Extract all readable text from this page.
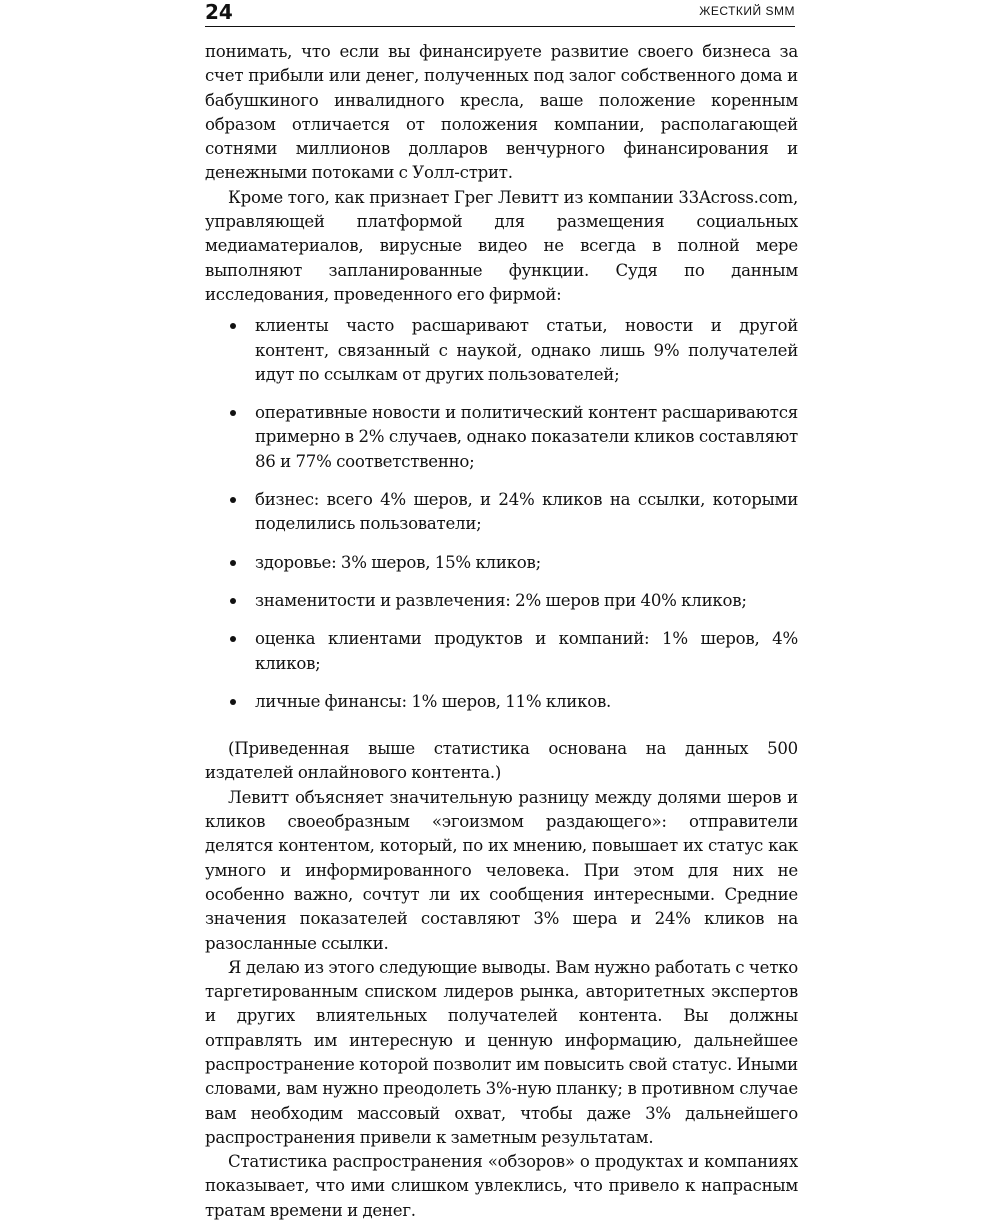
24	ЖЕСТКИЙ SMM

понимать, что если вы финансируете развитие своего бизнеса за счет прибыли или денег, полученных под залог собственного дома и бабушкиного инвалидного кресла, ваше положение коренным образом отличается от положения компании, располагающей сотнями миллионов долларов венчурного финансирования и денежными потоками с Уолл-стрит.

Кроме того, как признает Грег Левитт из компании 33Across.com, управляющей платформой для размещения социальных медиаматериалов, вирусные видео не всегда в полной мере выполняют запланированные функции. Судя по данным исследования, проведенного его фирмой:

клиенты часто расшаривают статьи, новости и другой контент, связанный с наукой, однако лишь 9% получателей идут по ссылкам от других пользователей;
оперативные новости и политический контент расшариваются примерно в 2% случаев, однако показатели кликов составляют 86 и 77% соответственно;
бизнес: всего 4% шеров, и 24% кликов на ссылки, которыми поделились пользователи;
здоровье: 3% шеров, 15% кликов;
знаменитости и развлечения: 2% шеров при 40% кликов;
оценка клиентами продуктов и компаний: 1% шеров, 4% кликов;
личные финансы: 1% шеров, 11% кликов.

(Приведенная выше статистика основана на данных 500 издателей онлайнового контента.)

Левитт объясняет значительную разницу между долями шеров и кликов своеобразным «эгоизмом раздающего»: отправители делятся контентом, который, по их мнению, повышает их статус как умного и информированного человека. При этом для них не особенно важно, сочтут ли их сообщения интересными. Средние значения показателей составляют 3% шера и 24% кликов на разосланные ссылки.

Я делаю из этого следующие выводы. Вам нужно работать с четко таргетированным списком лидеров рынка, авторитетных экспертов и других влиятельных получателей контента. Вы должны отправлять им интересную и ценную информацию, дальнейшее распространение которой позволит им повысить свой статус. Иными словами, вам нужно преодолеть 3%-ную планку; в противном случае вам необходим массовый охват, чтобы даже 3% дальнейшего распространения привели к заметным результатам.

Статистика распространения «обзоров» о продуктах и компаниях показывает, что ими слишком увлеклись, что привело к напрасным тратам времени и денег.
